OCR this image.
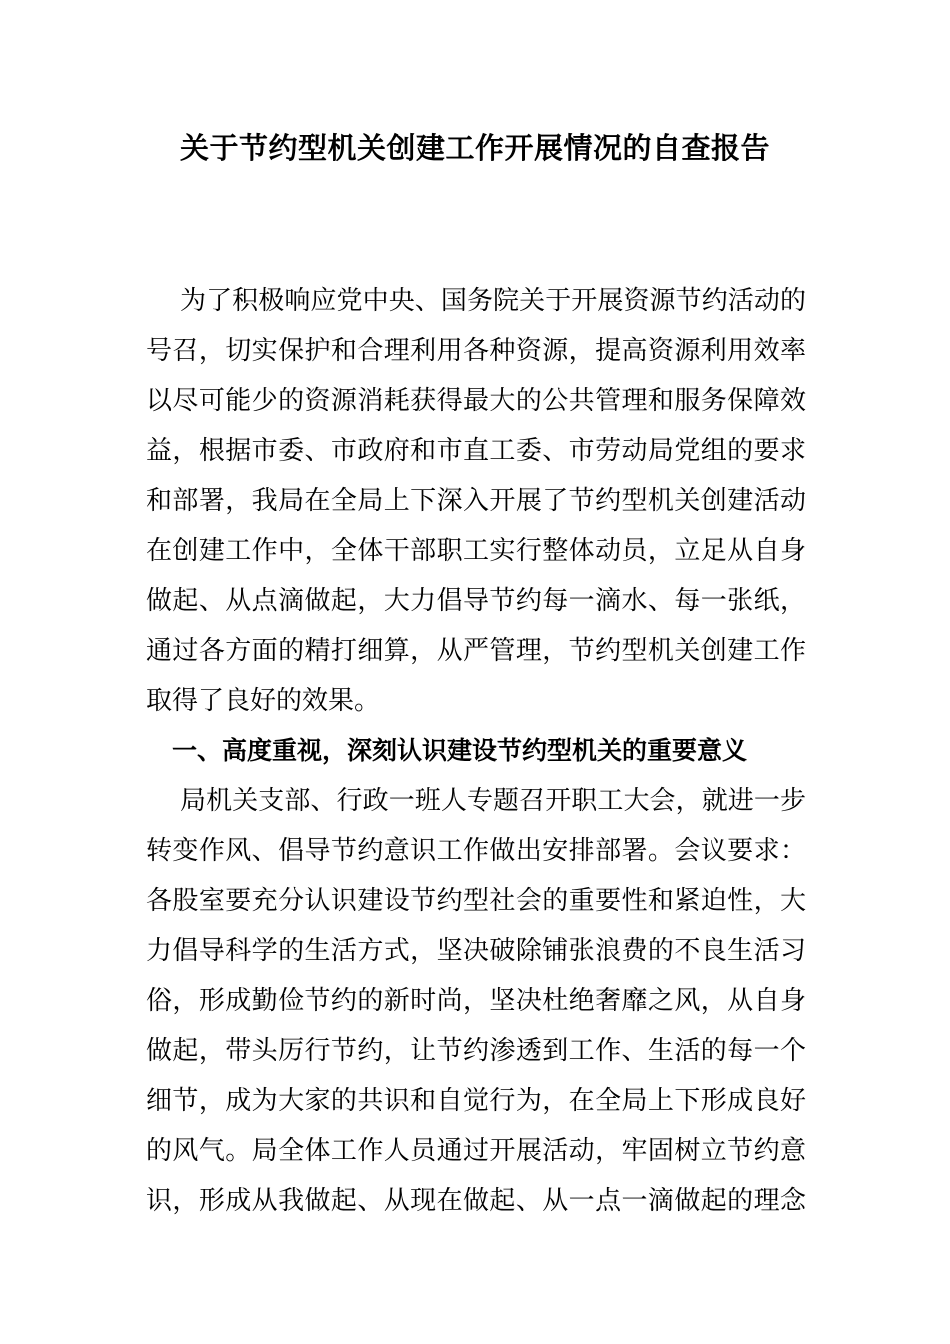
关于节约型机关创建工作开展情况的自查报告
为了积极响应党中央、国务院关于开展资源节约活动的
号召，切实保护和合理利用各种资源，提高资源利用效率
以尽可能少的资源消耗获得最大的公共管理和服务保障效
益，根据市委、市政府和市直工委、市劳动局党组的要求
和部署，我局在全局上下深入开展了节约型机关创建活动
在创建工作中，全体干部职工实行整体动员，立足从自身
做起、从点滴做起，大力倡导节约每一滴水、每一张纸，
通过各方面的精打细算，从严管理，节约型机关创建工作
取得了良好的效果。
一、高度重视，深刻认识建设节约型机关的重要意义
局机关支部、行政一班人专题召开职工大会，就进一步
转变作风、倡导节约意识工作做出安排部署。会议要求：
各股室要充分认识建设节约型社会的重要性和紧迫性，大
力倡导科学的生活方式，坚决破除铺张浪费的不良生活习
俗，形成勤俭节约的新时尚，坚决杜绝奢靡之风，从自身
做起，带头厉行节约，让节约渗透到工作、生活的每一个
细节，成为大家的共识和自觉行为，在全局上下形成良好
的风气。局全体工作人员通过开展活动，牢固树立节约意
识，形成从我做起、从现在做起、从一点一滴做起的理念
